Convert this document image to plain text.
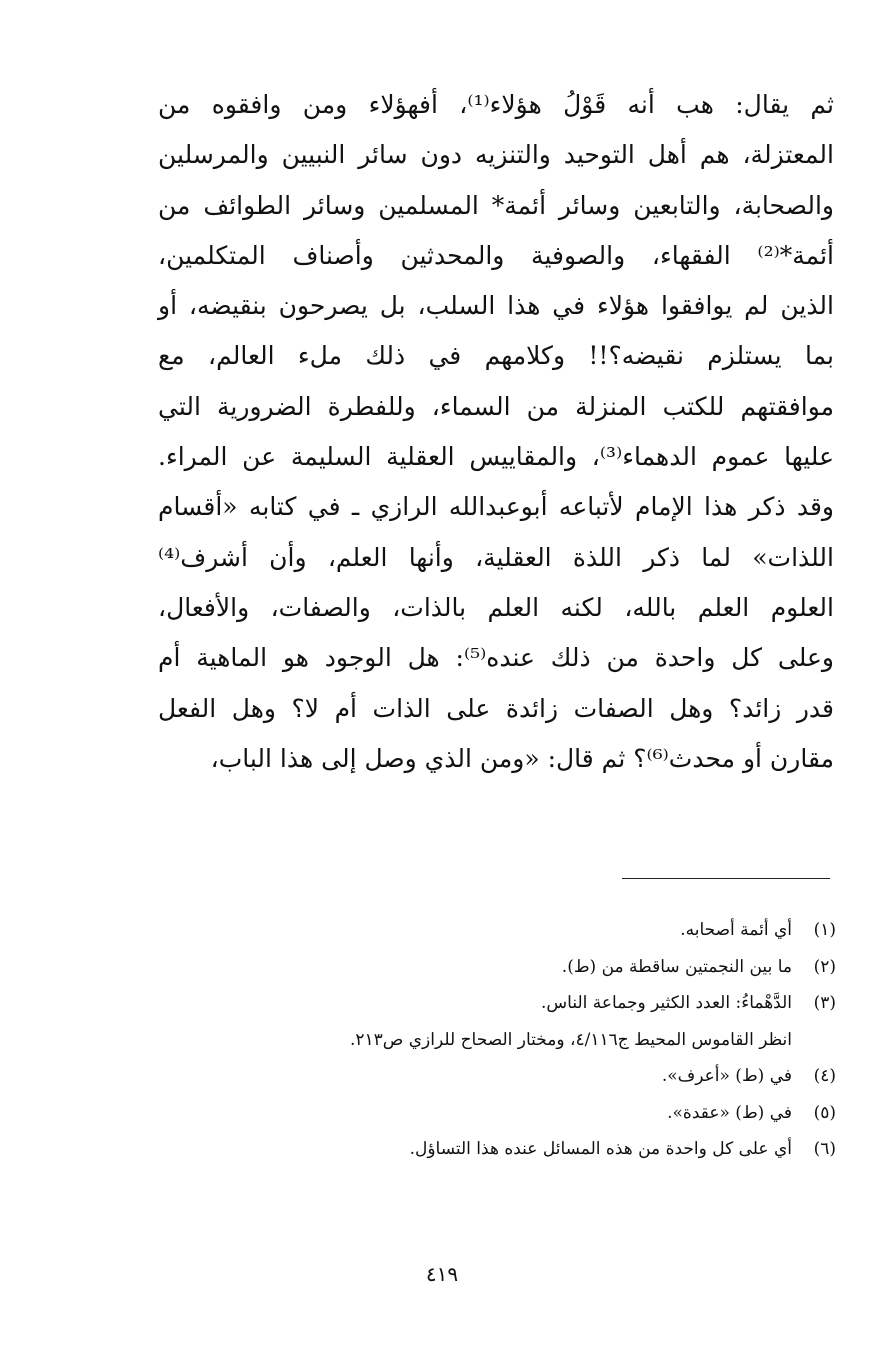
ثم يقال: هب أنه قَوْلُ هؤلاء⁽¹⁾، أفهؤلاء ومن وافقوه من
المعتزلة، هم أهل التوحيد والتنزيه دون سائر النبيين والمرسلين
والصحابة، والتابعين وسائر أئمة* المسلمين وسائر الطوائف من
أئمة*⁽²⁾ الفقهاء، والصوفية والمحدثين وأصناف المتكلمين،
الذين لم يوافقوا هؤلاء في هذا السلب، بل يصرحون بنقيضه، أو
بما يستلزم نقيضه؟!! وكلامهم في ذلك ملء العالم، مع
موافقتهم للكتب المنزلة من السماء، وللفطرة الضرورية التي
عليها عموم الدهماء⁽³⁾، والمقاييس العقلية السليمة عن المراء.
وقد ذكر هذا الإمام لأتباعه أبوعبدالله الرازي ـ في كتابه «أقسام
اللذات» لما ذكر اللذة العقلية، وأنها العلم، وأن أشرف⁽⁴⁾
العلوم العلم بالله، لكنه العلم بالذات، والصفات، والأفعال،
وعلى كل واحدة من ذلك عنده⁽⁵⁾: هل الوجود هو الماهية أم
قدر زائد؟ وهل الصفات زائدة على الذات أم لا؟ وهل الفعل
مقارن أو محدث⁽⁶⁾؟ ثم قال: «ومن الذي وصل إلى هذا الباب،
(١)
أي أئمة أصحابه.
(٢)
ما بين النجمتين ساقطة من (ط).
(٣)
الدَّهْماءُ: العدد الكثير وجماعة الناس.
انظر القاموس المحيط ج٤/١١٦، ومختار الصحاح للرازي ص٢١٣.
(٤)
في (ط) «أعرف».
(٥)
في (ط) «عقدة».
(٦)
أي على كل واحدة من هذه المسائل عنده هذا التساؤل.
٤١٩
